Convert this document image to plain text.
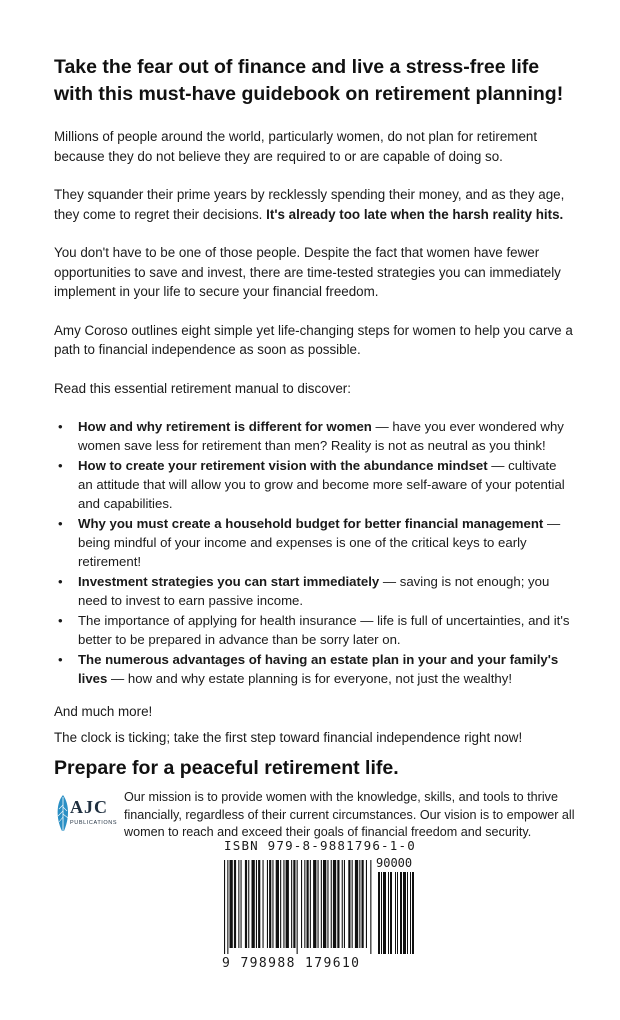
Take the fear out of finance and live a stress-free life with this must-have guidebook on retirement planning!

Millions of people around the world, particularly women, do not plan for retirement because they do not believe they are required to or are capable of doing so.

They squander their prime years by recklessly spending their money, and as they age, they come to regret their decisions. It's already too late when the harsh reality hits.

You don't have to be one of those people. Despite the fact that women have fewer opportunities to save and invest, there are time-tested strategies you can immediately implement in your life to secure your financial freedom.

Amy Coroso outlines eight simple yet life-changing steps for women to help you carve a path to financial independence as soon as possible.

Read this essential retirement manual to discover:

• How and why retirement is different for women — have you ever wondered why women save less for retirement than men? Reality is not as neutral as you think!
• How to create your retirement vision with the abundance mindset — cultivate an attitude that will allow you to grow and become more self-aware of your potential and capabilities.
• Why you must create a household budget for better financial management — being mindful of your income and expenses is one of the critical keys to early retirement!
• Investment strategies you can start immediately — saving is not enough; you need to invest to earn passive income.
• The importance of applying for health insurance — life is full of uncertainties, and it's better to be prepared in advance than be sorry later on.
• The numerous advantages of having an estate plan in your and your family's lives — how and why estate planning is for everyone, not just the wealthy!

And much more!

The clock is ticking; take the first step toward financial independence right now!

Prepare for a peaceful retirement life.
AJC
PUBLICATIONS
Our mission is to provide women with the knowledge, skills, and tools to thrive financially, regardless of their current circumstances. Our vision is to empower all women to reach and exceed their goals of financial freedom and security.
ISBN 979-8-9881796-1-0
90000
9 798988 179610
